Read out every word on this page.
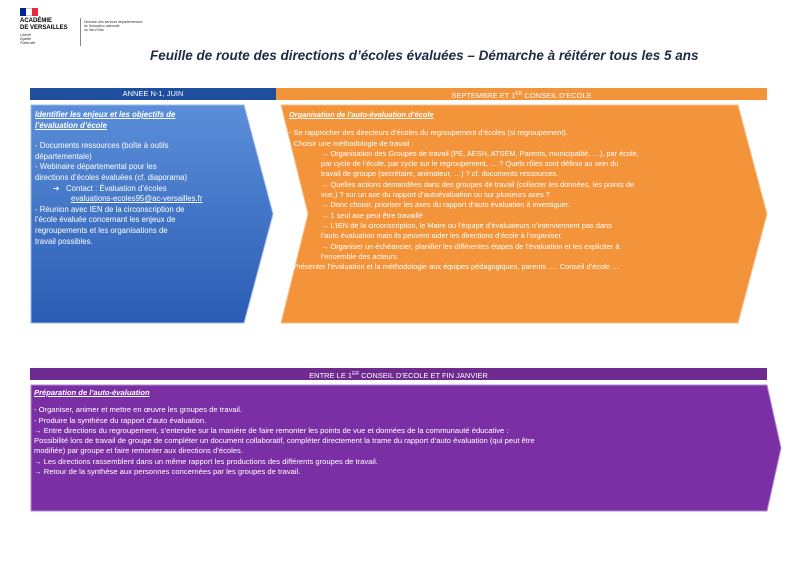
ACADÉMIE
DE VERSAILLES
Liberté
Égalité
Fraternité
Direction des services départementaux
de l'éducation nationale
du Val-d'Oise
Feuille de route des directions d’écoles évaluées – Démarche à réitérer tous les 5 ans
ANNEE N-1, JUIN	SEPTEMBRE ET 1ER CONSEIL D’ECOLE
Identifier les enjeux et les objectifs de
l’évaluation d’école
- Documents ressources (boîte à outils
départementale)
- Webinaire départemental pour les
directions d’écoles évaluées (cf. diaporama)
➔ Contact : Évaluation d’écoles
evaluations-ecoles95@ac-versailles.fr
- Réunion avec IEN de la circonscription de
l’école évaluée concernant les enjeux de
regroupements et les organisations de
travail possibles.
Organisation de l’auto-évaluation d’école
- Se rapprocher des directeurs d’écoles du regroupement d’écoles (si regroupement).
- Choisir une méthodologie de travail :
→ Organisation des Groupes de travail (PE, AESH, ATSEM, Parents, municipalité, …), par école,
par cycle de l’école, par cycle sur le regroupement, … ? Quels rôles sont définis au sein du
travail de groupe (secrétaire, animateur, …) ? cf. documents ressources.
→ Quelles actions demandées dans des groupes de travail (collecter les données, les points de
vue,) ? sur un axe du rapport d’autoévaluation ou sur plusieurs axes ?
→ Donc choisir, prioriser les axes du rapport d’auto évaluation à investiguer.
→ 1 seul axe peut être travaillé
→ L’IEN de la circonscription, le Maire ou l’équipe d’évaluateurs n’interviennent pas dans
l’auto évaluation mais ils peuvent aider les directions d’école à l’organiser.
→ Organiser un échéancier, planifier les différentes étapes de l’évaluation et les expliciter à
l’ensemble des acteurs.
- Présenter l’évaluation et la méthodologie aux équipes pédagogiques, parents …. Conseil d’école …
ENTRE LE 1ER CONSEIL D’ECOLE ET FIN JANVIER
Préparation de l’auto-évaluation
- Organiser, animer et mettre en œuvre les groupes de travail.
- Produire la synthèse du rapport d’auto évaluation.
→ Entre directions du regroupement, s’entendre sur la manière de faire remonter les points de vue et données de la communauté éducative :
Possibilité lors de travail de groupe de compléter un document collaboratif, compléter directement la trame du rapport d’auto évaluation (qui peut être
modifiée) par groupe et faire remonter aux directions d’écoles.
→ Les directions rassemblent dans un même rapport les productions des différents groupes de travail.
→ Retour de la synthèse aux personnes concernées par les groupes de travail.
